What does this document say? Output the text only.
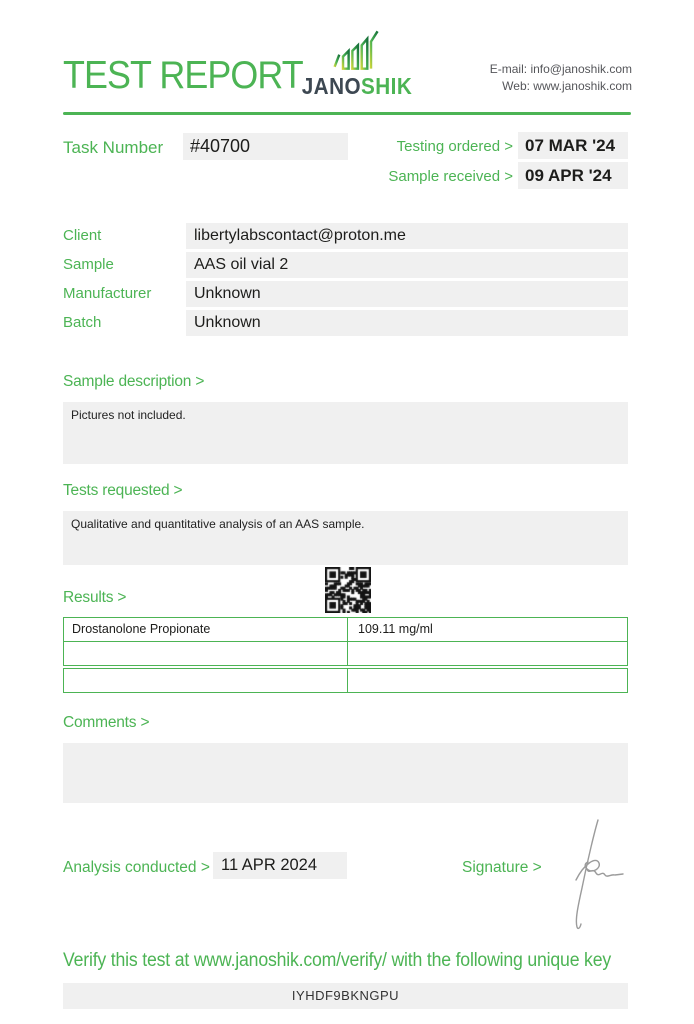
TEST REPORT
JANOSHIK
E-mail: info@janoshik.com
Web: www.janoshik.com
Task Number	#40700	Testing ordered > 07 MAR '24
Sample received > 09 APR '24
Client	libertylabscontact@proton.me
Sample	AAS oil vial 2
Manufacturer	Unknown
Batch	Unknown
Sample description >
Pictures not included.
Tests requested >
Qualitative and quantitative analysis of an AAS sample.
Results >
Drostanolone Propionate	109.11 mg/ml
Comments >
Analysis conducted > 11 APR 2024	Signature >
Verify this test at www.janoshik.com/verify/ with the following unique key
IYHDF9BKNGPU
